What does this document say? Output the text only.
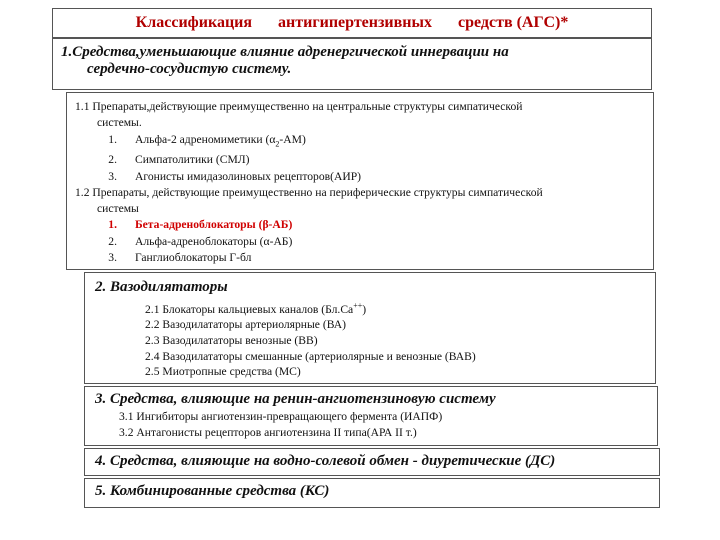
Классификация антигипертензивных средств (АГС)*
1.Средства,уменьшающие влияние адренергической иннервации на
сердечно-сосудистую систему.
1.1 Препараты,действующие преимущественно на центральные структуры симпатической
системы.
1.	Альфа-2 адреномиметики $(\alpha_2-АМ)$
2.	Симпатолитики (СМЛ)
3.	Агонисты имидазолиновых рецепторов(АИР)
1.2 Препараты, действующие преимущественно на периферические структуры симпатической
системы
1.	Бета-адреноблокаторы (β-АБ)
2.	Альфа-адреноблокаторы (α-АБ)
3.	Ганглиоблокаторы Г-бл
2. Вазодилятаторы
2.1 Блокаторы кальциевых каналов (Бл.Са++)
2.2 Вазодилататоры артериолярные (ВА)
2.3 Вазодилататоры венозные (ВВ)
2.4 Вазодилататоры смешанные (артериолярные и венозные (ВАВ)
2.5 Миотропные средства (МС)
3. Средства, влияющие на ренин-ангиотензиновую систему
3.1 Ингибиторы ангиотензин-превращающего фермента (ИАПФ)
3.2 Антагонисты рецепторов ангиотензина II типа(АРА II т.)
4. Средства, влияющие на водно-солевой обмен - диуретические (ДС)
5. Комбинированные средства (КС)
